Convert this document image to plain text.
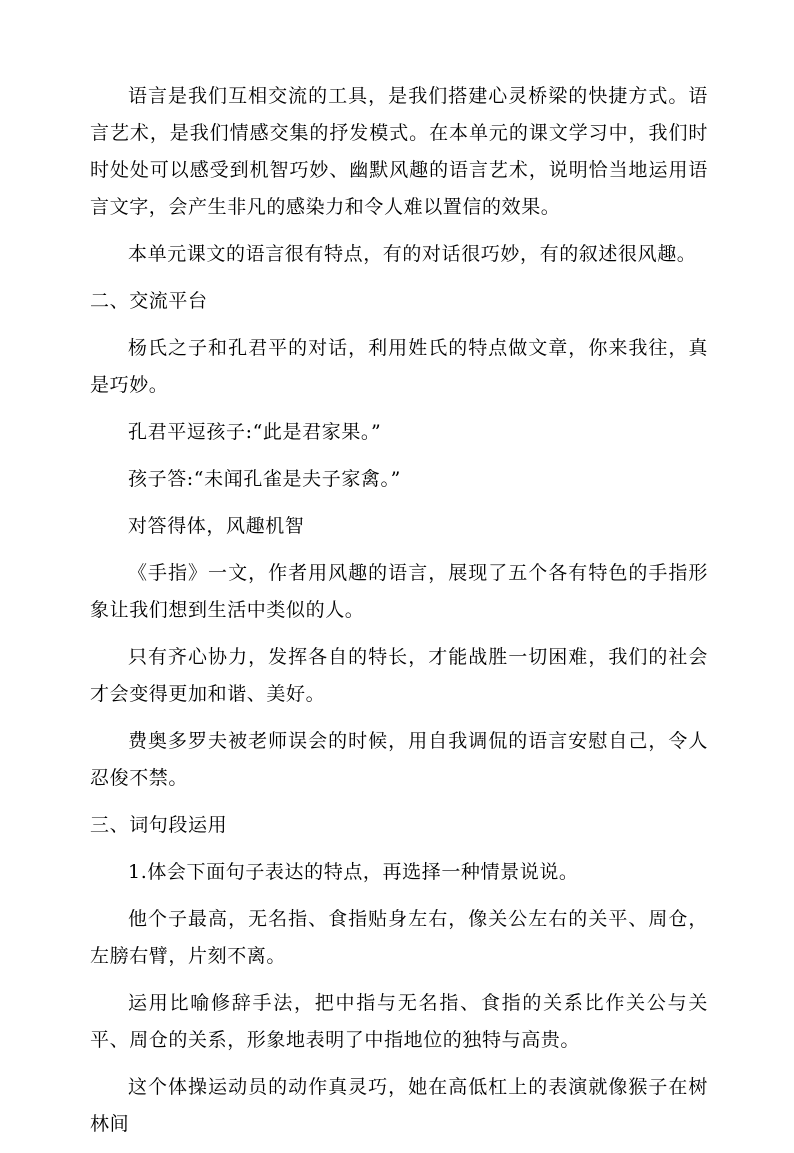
语言是我们互相交流的工具，是我们搭建心灵桥梁的快捷方式。语言艺术，是我们情感交集的抒发模式。在本单元的课文学习中，我们时时处处可以感受到机智巧妙、幽默风趣的语言艺术，说明恰当地运用语言文字，会产生非凡的感染力和令人难以置信的效果。

本单元课文的语言很有特点，有的对话很巧妙，有的叙述很风趣。

二、交流平台

杨氏之子和孔君平的对话，利用姓氏的特点做文章，你来我往，真是巧妙。

孔君平逗孩子:“此是君家果。”

孩子答:“未闻孔雀是夫子家禽。”

对答得体，风趣机智

《手指》一文，作者用风趣的语言，展现了五个各有特色的手指形象让我们想到生活中类似的人。

只有齐心协力，发挥各自的特长，才能战胜一切困难，我们的社会才会变得更加和谐、美好。

费奥多罗夫被老师误会的时候，用自我调侃的语言安慰自己，令人忍俊不禁。

三、词句段运用

1.体会下面句子表达的特点，再选择一种情景说说。

他个子最高，无名指、食指贴身左右，像关公左右的关平、周仓，左膀右臂，片刻不离。

运用比喻修辞手法，把中指与无名指、食指的关系比作关公与关平、周仓的关系，形象地表明了中指地位的独特与高贵。

这个体操运动员的动作真灵巧，她在高低杠上的表演就像猴子在树林间
